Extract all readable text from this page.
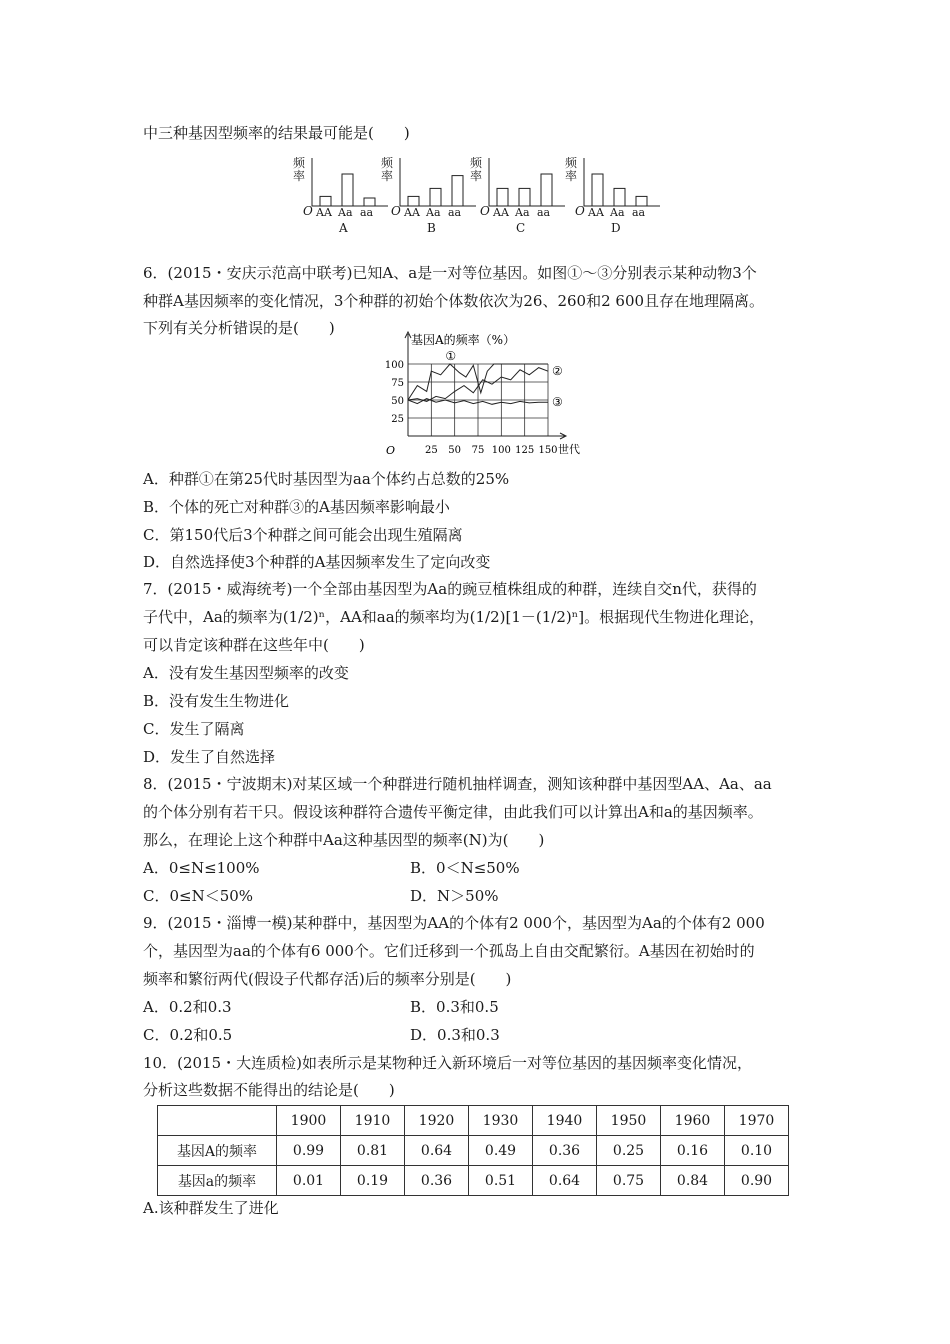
中三种基因型频率的结果最可能是(　　)
频率
O AA Aa aa
A
频率
O AA Aa aa
B
频率
O AA Aa aa
C
频率
O AA Aa aa
D
6．(2015・安庆示范高中联考)已知A、a是一对等位基因。如图①～③分别表示某种动物3个
种群A基因频率的变化情况，3个种群的初始个体数依次为26、260和2 600且存在地理隔离。
下列有关分析错误的是(　　)
基因A的频率（%）
O
25
50
75
100
25 50 75 100 125 150 世代
①
②
③
A．种群①在第25代时基因型为aa个体约占总数的25%
B．个体的死亡对种群③的A基因频率影响最小
C．第150代后3个种群之间可能会出现生殖隔离
D．自然选择使3个种群的A基因频率发生了定向改变
7．(2015・威海统考)一个全部由基因型为Aa的豌豆植株组成的种群，连续自交n代，获得的
子代中，Aa的频率为(1/2)ⁿ，AA和aa的频率均为(1/2)[1－(1/2)ⁿ]。根据现代生物进化理论，
可以肯定该种群在这些年中(　　)
A．没有发生基因型频率的改变
B．没有发生生物进化
C．发生了隔离
D．发生了自然选择
8．(2015・宁波期末)对某区域一个种群进行随机抽样调查，测知该种群中基因型AA、Aa、aa
的个体分别有若干只。假设该种群符合遗传平衡定律，由此我们可以计算出A和a的基因频率。
那么，在理论上这个种群中Aa这种基因型的频率(N)为(　　)
A．0≤N≤100%	B．0＜N≤50%
C．0≤N＜50%	D．N＞50%
9．(2015・淄博一模)某种群中，基因型为AA的个体有2 000个，基因型为Aa的个体有2 000
个，基因型为aa的个体有6 000个。它们迁移到一个孤岛上自由交配繁衍。A基因在初始时的
频率和繁衍两代(假设子代都存活)后的频率分别是(　　)
A．0.2和0.3	B．0.3和0.5
C．0.2和0.5	D．0.3和0.3
10．(2015・大连质检)如表所示是某物种迁入新环境后一对等位基因的基因频率变化情况，
分析这些数据不能得出的结论是(　　)
	1900	1910	1920	1930	1940	1950	1960	1970
基因A的频率	0.99	0.81	0.64	0.49	0.36	0.25	0.16	0.10
基因a的频率	0.01	0.19	0.36	0.51	0.64	0.75	0.84	0.90
A.该种群发生了进化
